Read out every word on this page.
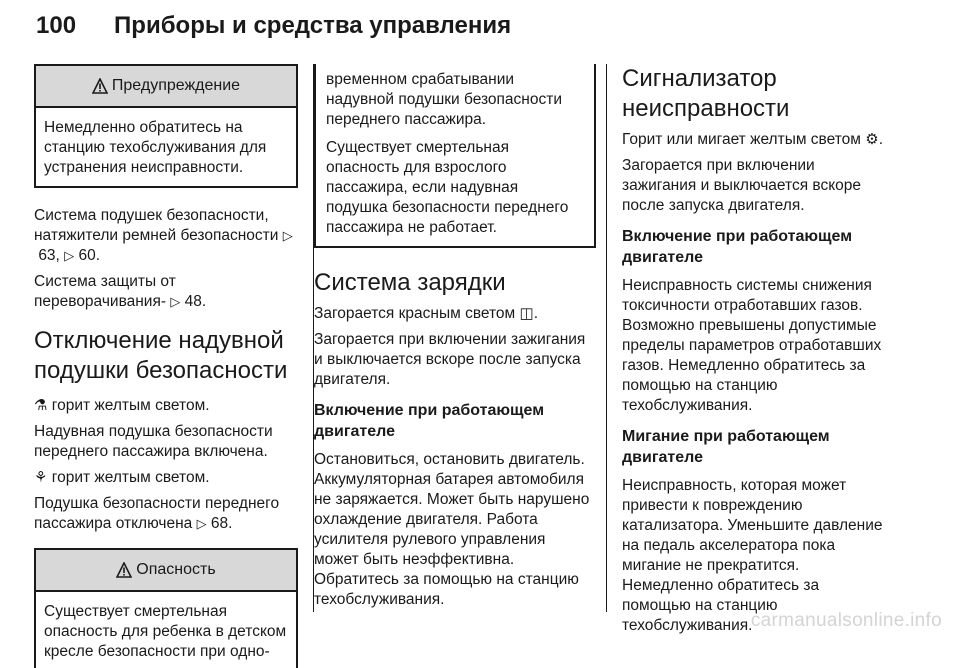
100 Приборы и средства управления
Предупреждение

Немедленно обратитесь на станцию техобслуживания для устранения неисправности.

Система подушек безопасности, натяжители ремней безопасности ▷ 63, ▷ 60.

Система защиты от переворачивания- ▷ 48.

Отключение надувной подушки безопасности

⚗ горит желтым светом.

Надувная подушка безопасности переднего пассажира включена.

⚘ горит желтым светом.

Подушка безопасности переднего пассажира отключена ▷ 68.

Опасность

Существует смертельная опасность для ребенка в детском кресле безопасности при одно-

временном срабатывании надувной подушки безопасности переднего пассажира.

Существует смертельная опасность для взрослого пассажира, если надувная подушка безопасности переднего пассажира не работает.

Система зарядки

Загорается красным светом ◫.

Загорается при включении зажигания и выключается вскоре после запуска двигателя.

Включение при работающем двигателе

Остановиться, остановить двигатель. Аккумуляторная батарея автомобиля не заряжается. Может быть нарушено охлаждение двигателя. Работа усилителя рулевого управления может быть неэффективна. Обратитесь за помощью на станцию техобслуживания.

Сигнализатор неисправности

Горит или мигает желтым светом ⚙.

Загорается при включении зажигания и выключается вскоре после запуска двигателя.

Включение при работающем двигателе

Неисправность системы снижения токсичности отработавших газов. Возможно превышены допустимые пределы параметров отработавших газов. Немедленно обратитесь за помощью на станцию техобслуживания.

Мигание при работающем двигателе

Неисправность, которая может привести к повреждению катализатора. Уменьшите давление на педаль акселератора пока мигание не прекратится. Немедленно обратитесь за помощью на станцию техобслуживания.

carmanualsonline.info
